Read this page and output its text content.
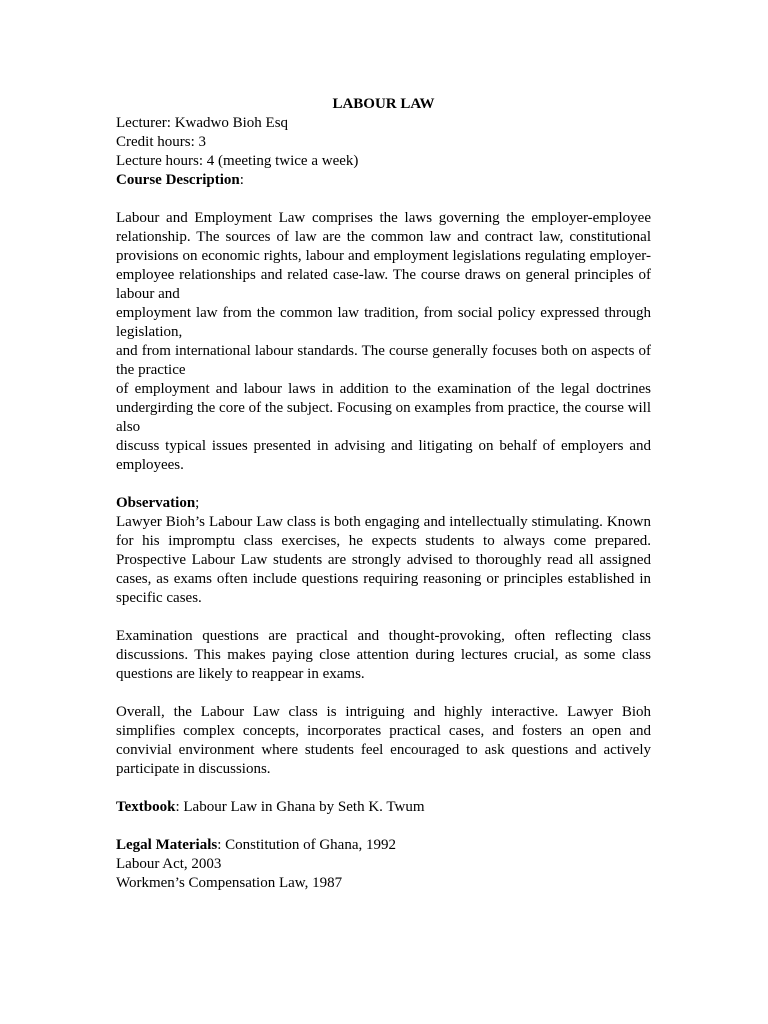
LABOUR LAW

Lecturer: Kwadwo Bioh Esq

Credit hours: 3

Lecture hours: 4 (meeting twice a week)

Course Description:

Labour and Employment Law comprises the laws governing the employer-employee relationship. The sources of law are the common law and contract law, constitutional provisions on economic rights, labour and employment legislations regulating employer-employee relationships and related case-law. The course draws on general principles of labour and

employment law from the common law tradition, from social policy expressed through legislation,

and from international labour standards. The course generally focuses both on aspects of the practice

of employment and labour laws in addition to the examination of the legal doctrines undergirding the core of the subject. Focusing on examples from practice, the course will also

discuss typical issues presented in advising and litigating on behalf of employers and employees.

Observation;

Lawyer Bioh’s Labour Law class is both engaging and intellectually stimulating. Known for his impromptu class exercises, he expects students to always come prepared. Prospective Labour Law students are strongly advised to thoroughly read all assigned cases, as exams often include questions requiring reasoning or principles established in specific cases.

Examination questions are practical and thought-provoking, often reflecting class discussions. This makes paying close attention during lectures crucial, as some class questions are likely to reappear in exams.

Overall, the Labour Law class is intriguing and highly interactive. Lawyer Bioh simplifies complex concepts, incorporates practical cases, and fosters an open and convivial environment where students feel encouraged to ask questions and actively participate in discussions.

Textbook: Labour Law in Ghana by Seth K. Twum

Legal Materials: Constitution of Ghana, 1992

Labour Act, 2003

Workmen’s Compensation Law, 1987
